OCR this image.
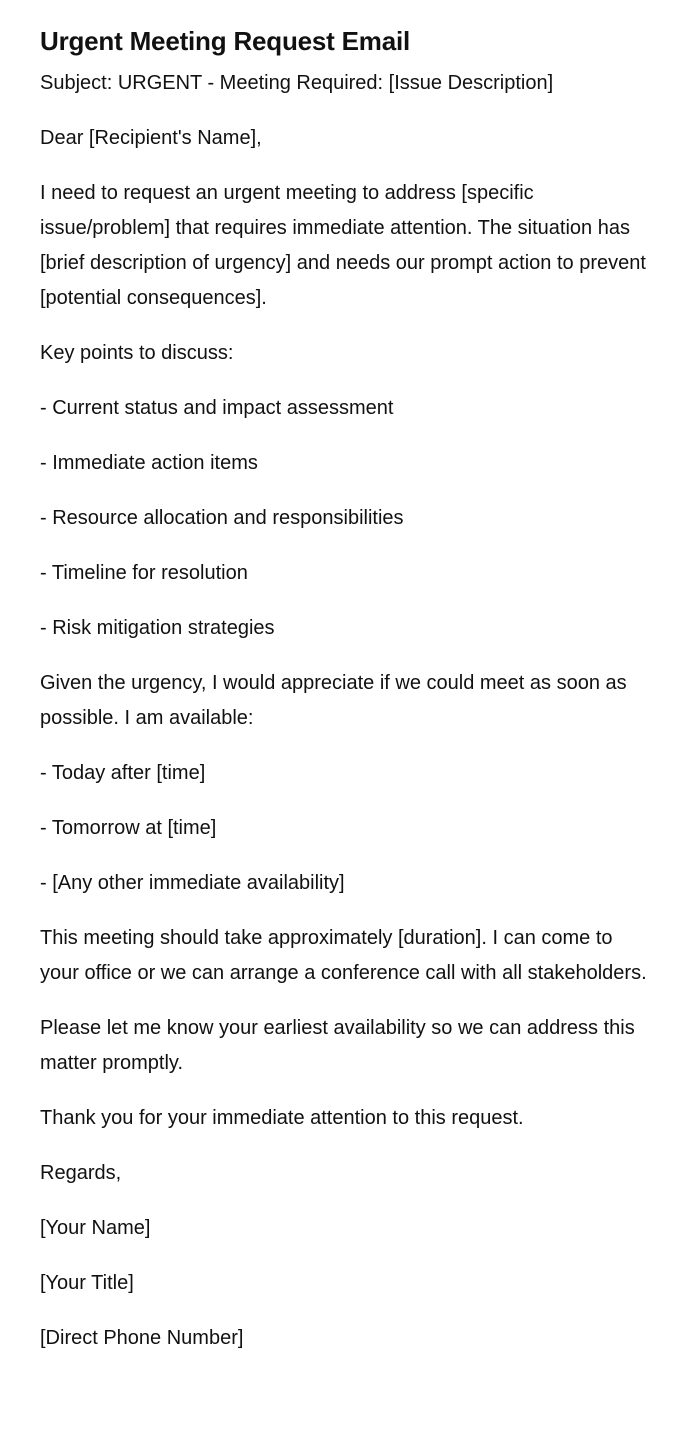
Urgent Meeting Request Email

Subject: URGENT - Meeting Required: [Issue Description]

Dear [Recipient's Name],

I need to request an urgent meeting to address [specific issue/problem] that requires immediate attention. The situation has [brief description of urgency] and needs our prompt action to prevent [potential consequences].

Key points to discuss:

- Current status and impact assessment

- Immediate action items

- Resource allocation and responsibilities

- Timeline for resolution

- Risk mitigation strategies

Given the urgency, I would appreciate if we could meet as soon as possible. I am available:

- Today after [time]

- Tomorrow at [time]

- [Any other immediate availability]

This meeting should take approximately [duration]. I can come to your office or we can arrange a conference call with all stakeholders.

Please let me know your earliest availability so we can address this matter promptly.

Thank you for your immediate attention to this request.

Regards,

[Your Name]

[Your Title]

[Direct Phone Number]
